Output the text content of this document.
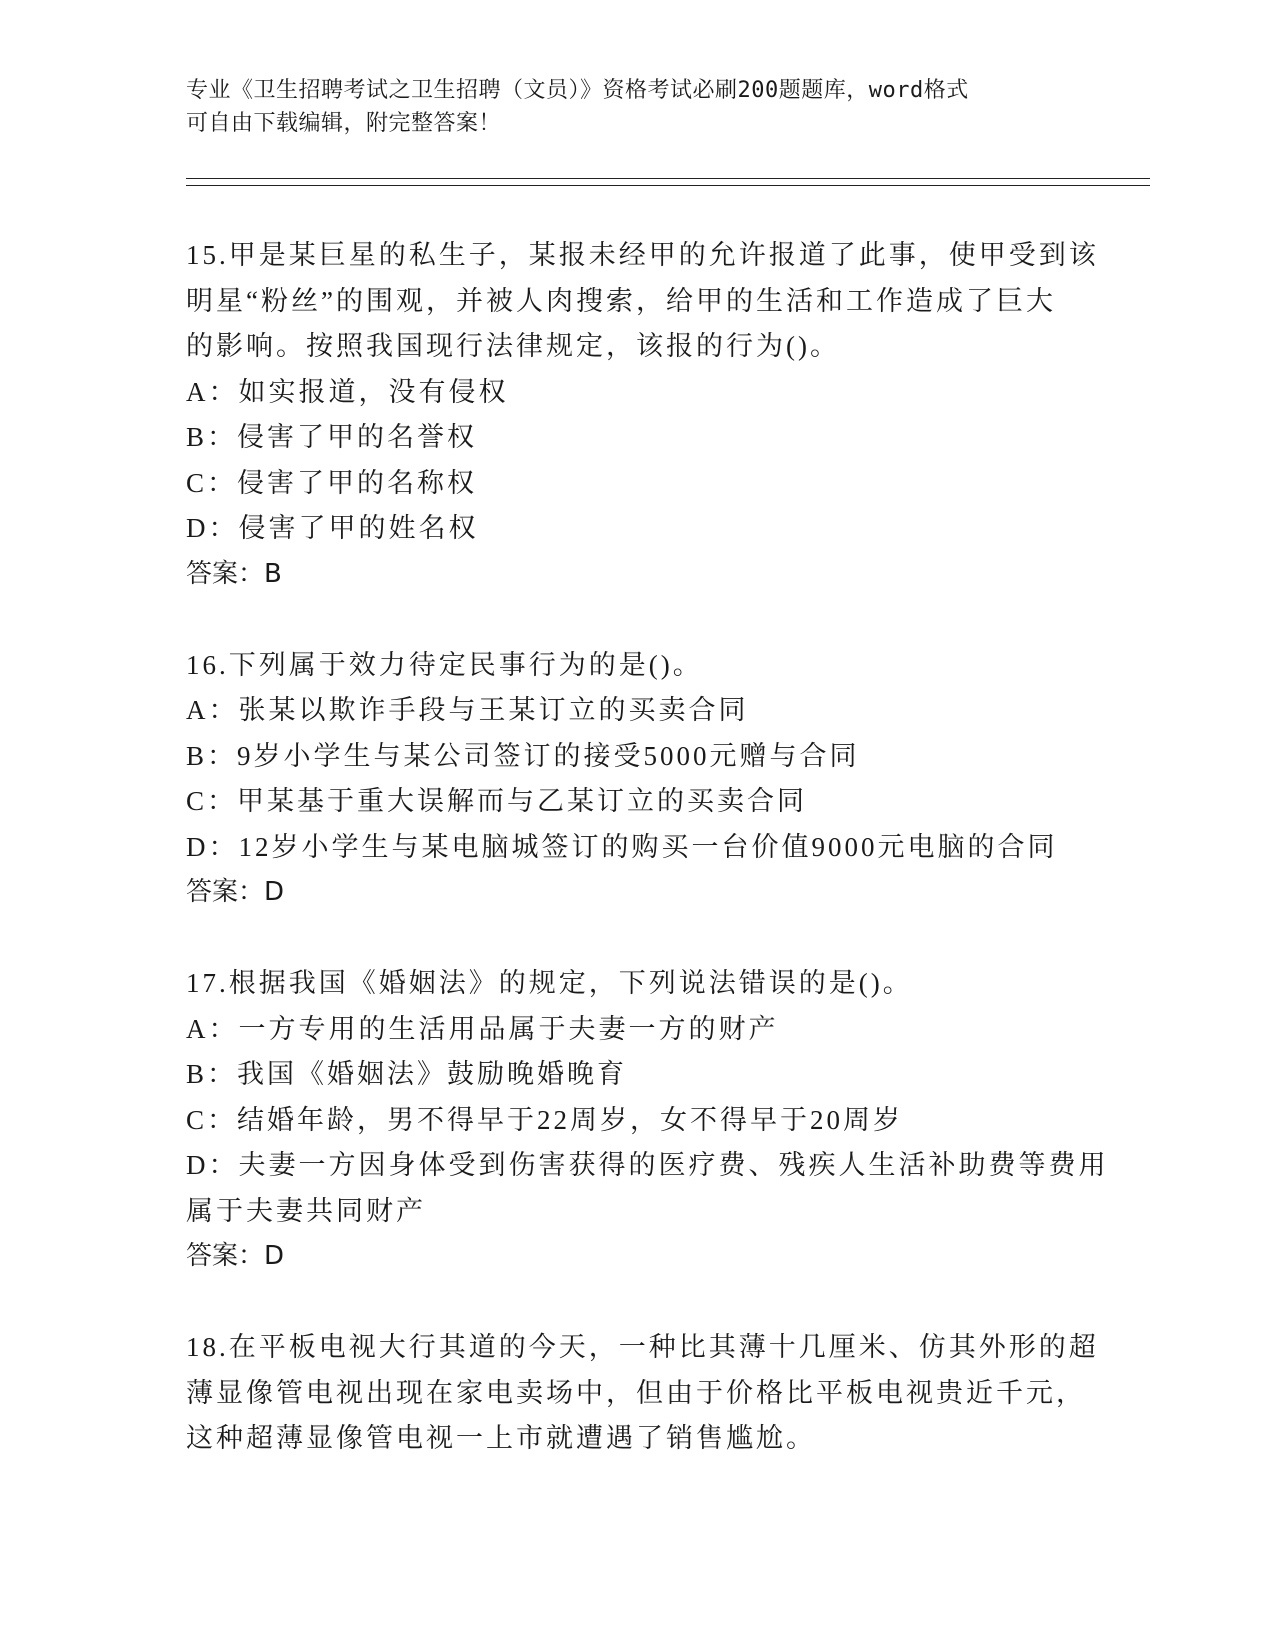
专业《卫生招聘考试之卫生招聘（文员）》资格考试必刷200题题库，word格式
可自由下载编辑，附完整答案！
15.甲是某巨星的私生子，某报未经甲的允许报道了此事，使甲受到该
明星“粉丝”的围观，并被人肉搜索，给甲的生活和工作造成了巨大
的影响。按照我国现行法律规定，该报的行为()。
A：如实报道，没有侵权
B：侵害了甲的名誉权
C：侵害了甲的名称权
D：侵害了甲的姓名权
答案：B
16.下列属于效力待定民事行为的是()。
A：张某以欺诈手段与王某订立的买卖合同
B：9岁小学生与某公司签订的接受5000元赠与合同
C：甲某基于重大误解而与乙某订立的买卖合同
D：12岁小学生与某电脑城签订的购买一台价值9000元电脑的合同
答案：D
17.根据我国《婚姻法》的规定，下列说法错误的是()。
A：一方专用的生活用品属于夫妻一方的财产
B：我国《婚姻法》鼓励晚婚晚育
C：结婚年龄，男不得早于22周岁，女不得早于20周岁
D：夫妻一方因身体受到伤害获得的医疗费、残疾人生活补助费等费用
属于夫妻共同财产
答案：D
18.在平板电视大行其道的今天，一种比其薄十几厘米、仿其外形的超
薄显像管电视出现在家电卖场中，但由于价格比平板电视贵近千元，
这种超薄显像管电视一上市就遭遇了销售尴尬。
